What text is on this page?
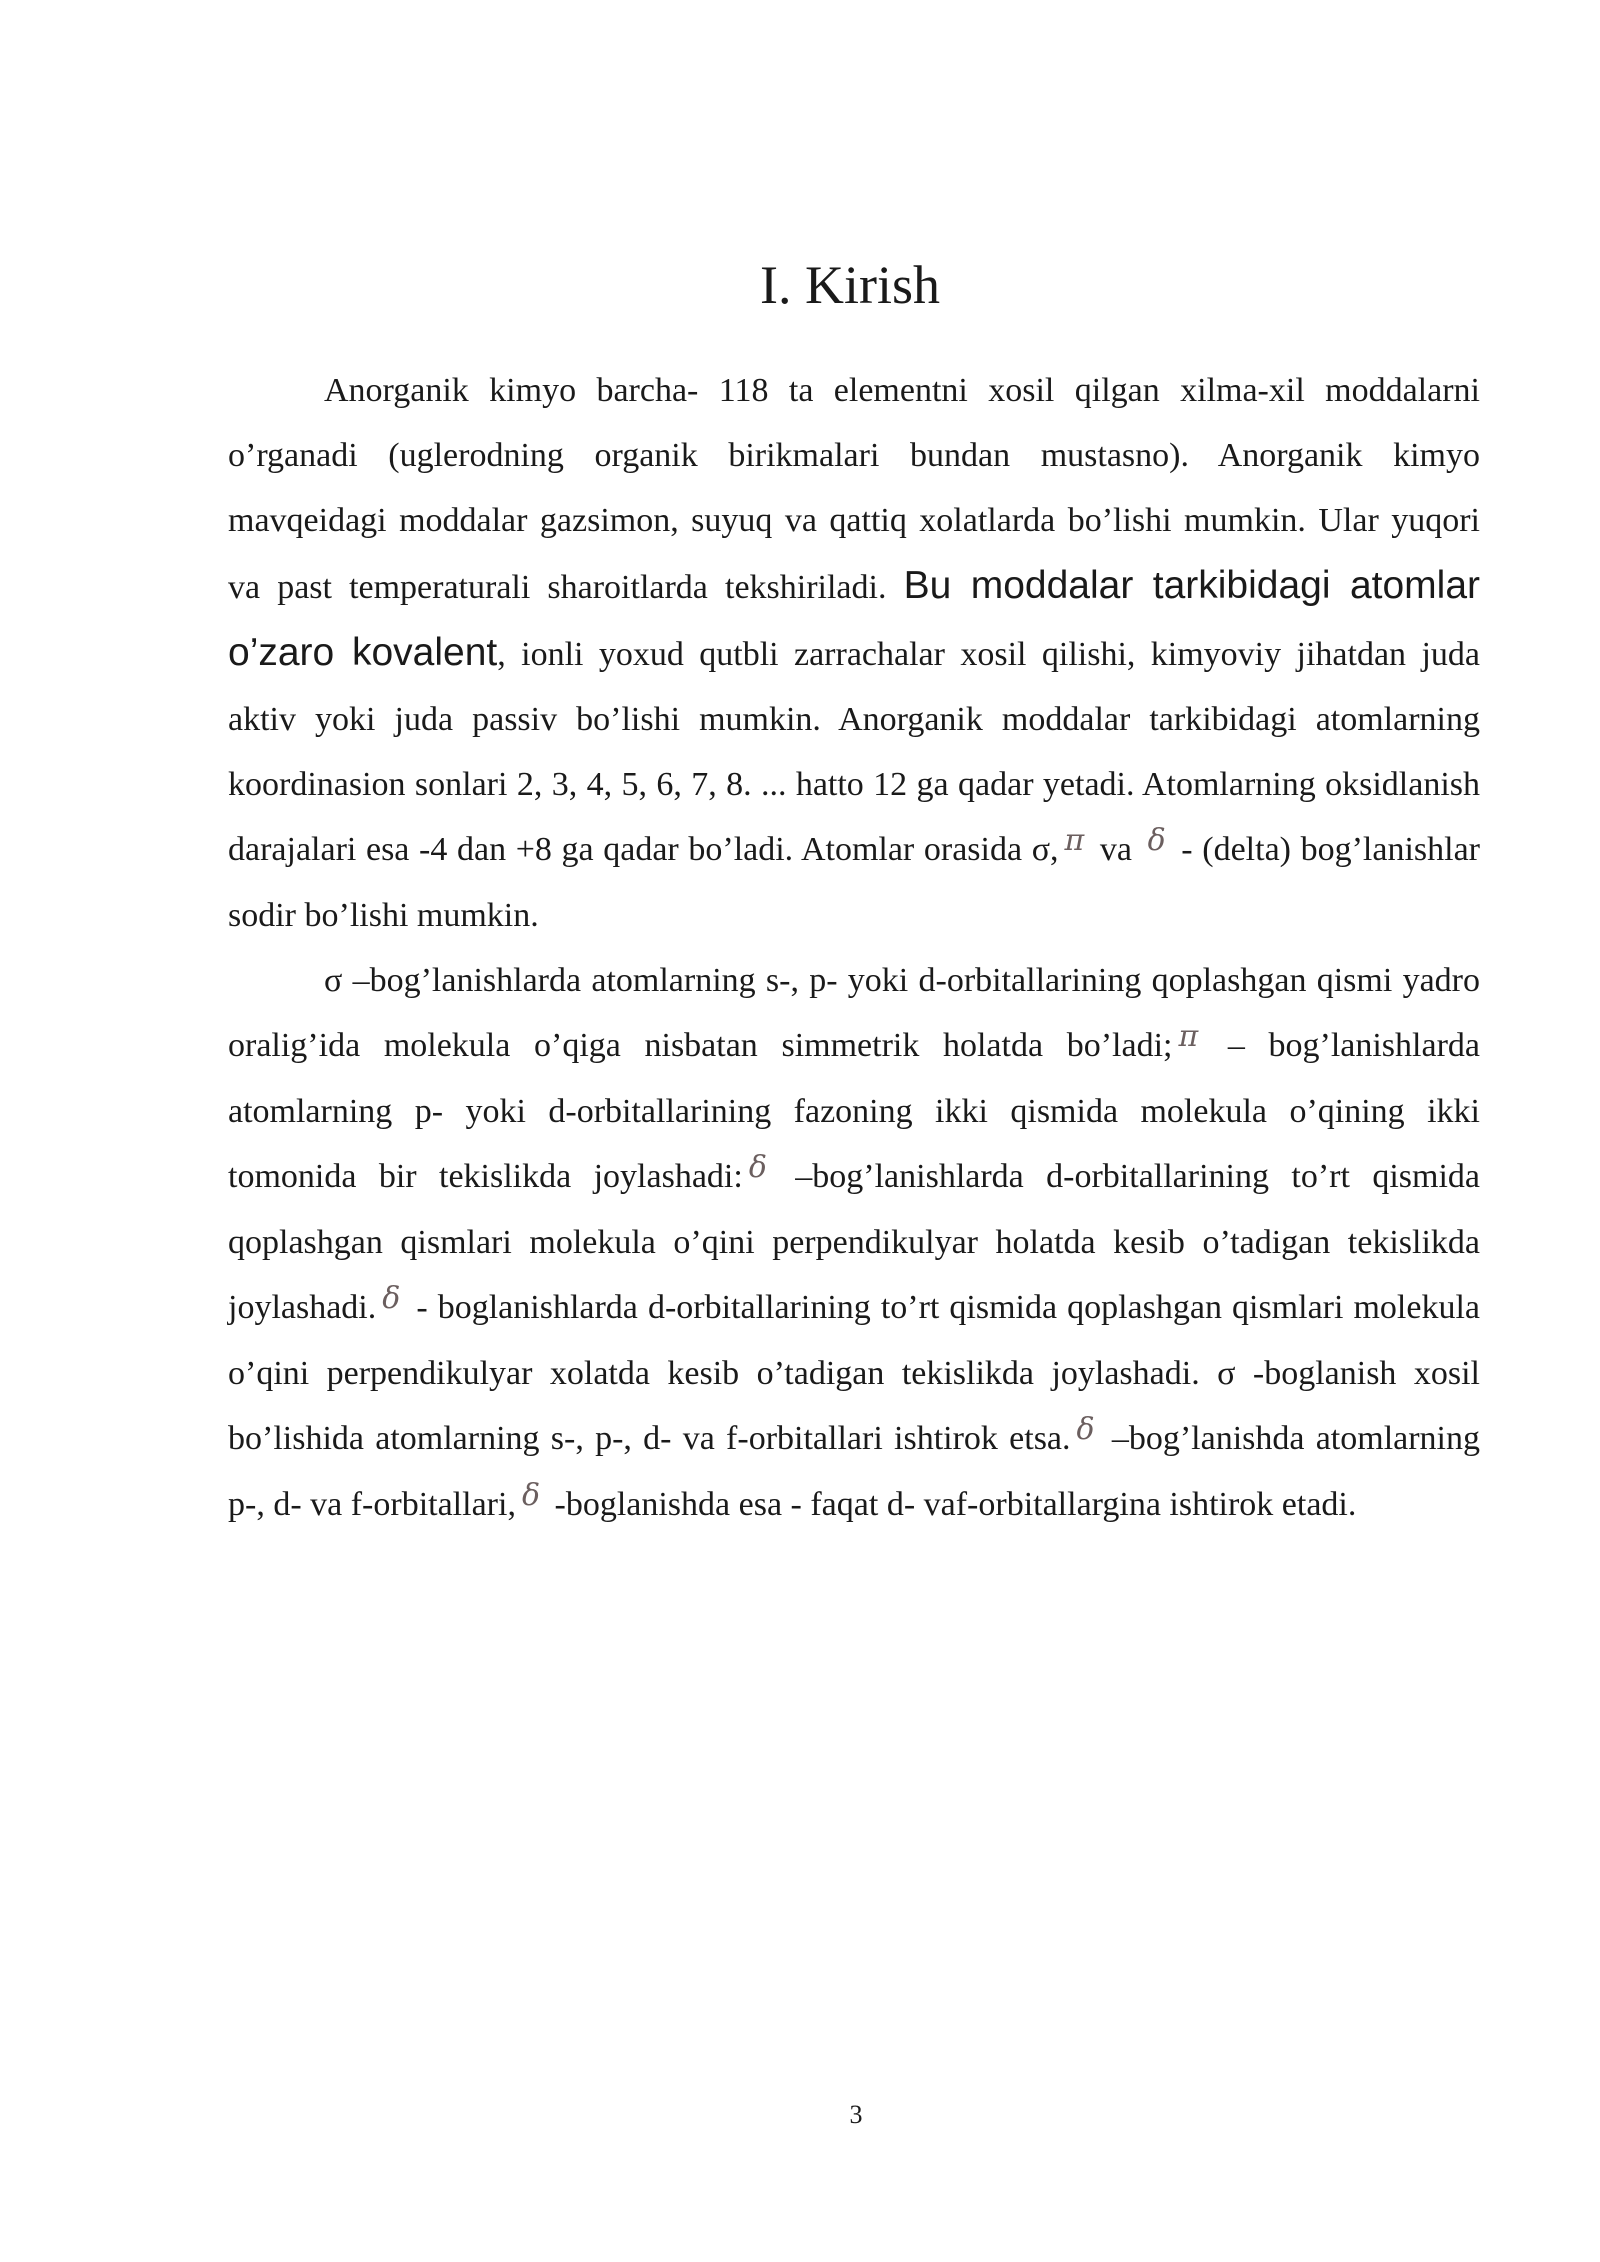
I. Kirish

Anorganik kimyo barcha- 118 ta elementni xosil qilgan xilma-xil moddalarni o’rganadi (uglerodning organik birikmalari bundan mustasno). Anorganik kimyo mavqeidagi moddalar gazsimon, suyuq va qattiq xolatlarda bo’lishi mumkin. Ular yuqori va past temperaturali sharoitlarda tekshiriladi. Bu moddalar tarkibidagi atomlar o’zaro kovalent, ionli yoxud qutbli zarrachalar xosil qilishi, kimyoviy jihatdan juda aktiv yoki juda passiv bo’lishi mumkin. Anorganik moddalar tarkibidagi atomlarning koordinasion sonlari 2, 3, 4, 5, 6, 7, 8. ... hatto 12 ga qadar yetadi. Atomlarning oksidlanish darajalari esa -4 dan +8 ga qadar bo’ladi. Atomlar orasida σ, π va δ - (delta) bog’lanishlar sodir bo’lishi mumkin.

σ –bog’lanishlarda atomlarning s-, p- yoki d-orbitallarining qoplashgan qismi yadro oralig’ida molekula o’qiga nisbatan simmetrik holatda bo’ladi; π – bog’lanishlarda atomlarning p- yoki d-orbitallarining fazoning ikki qismida molekula o’qining ikki tomonida bir tekislikda joylashadi: δ –bog’lanishlarda d-orbitallarining to’rt qismida qoplashgan qismlari molekula o’qini perpendikulyar holatda kesib o’tadigan tekislikda joylashadi. δ - boglanishlarda d-orbitallarining to’rt qismida qoplashgan qismlari molekula o’qini perpendikulyar xolatda kesib o’tadigan tekislikda joylashadi. σ -boglanish xosil bo’lishida atomlarning s-, p-, d- va f-orbitallari ishtirok etsa. δ –bog’lanishda atomlarning p-, d- va f-orbitallari, δ -boglanishda esa - faqat d- vaf-orbitallargina ishtirok etadi.

3
